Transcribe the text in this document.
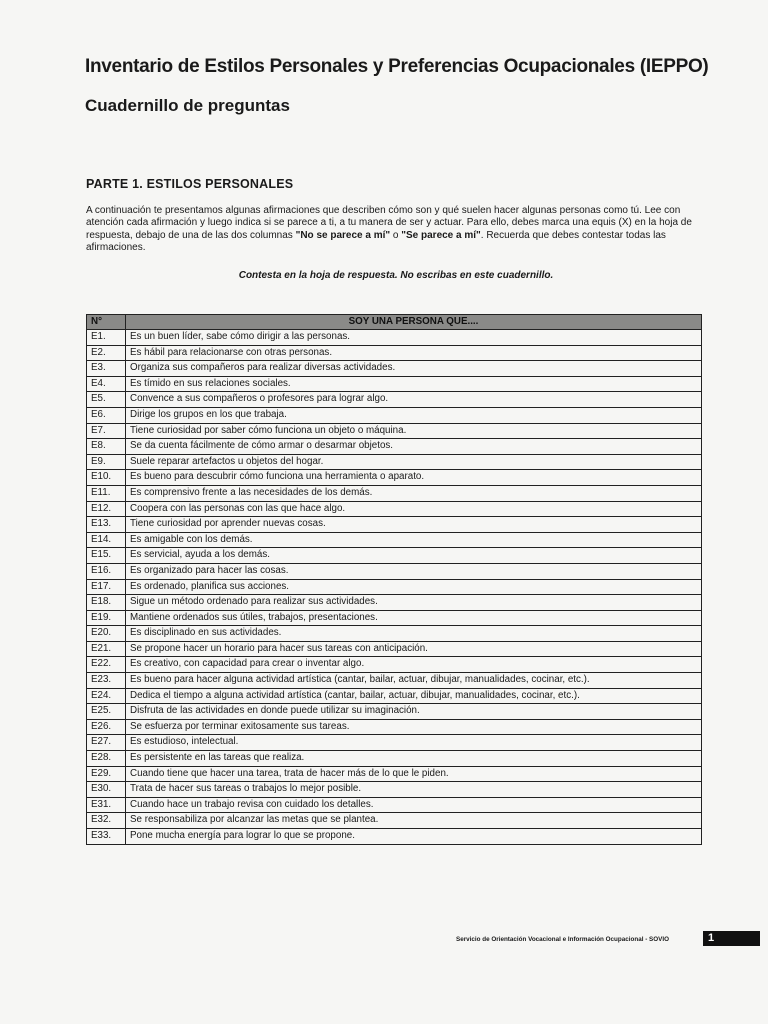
Inventario de Estilos Personales y Preferencias Ocupacionales (IEPPO)
Cuadernillo de preguntas
PARTE 1. ESTILOS PERSONALES
A continuación te presentamos algunas afirmaciones que describen cómo son y qué suelen hacer algunas personas como tú. Lee con atención cada afirmación y luego indica si se parece a ti, a tu manera de ser y actuar. Para ello, debes marca una equis (X) en la hoja de respuesta, debajo de una de las dos columnas "No se parece a mí" o "Se parece a mí". Recuerda que debes contestar todas las afirmaciones.
Contesta en la hoja de respuesta. No escribas en este cuadernillo.
N°	SOY UNA PERSONA QUE....
E1.	Es un buen líder, sabe cómo dirigir a las personas.
E2.	Es hábil para relacionarse con otras personas.
E3.	Organiza sus compañeros para realizar diversas actividades.
E4.	Es tímido en sus relaciones sociales.
E5.	Convence a sus compañeros o profesores para lograr algo.
E6.	Dirige los grupos en los que trabaja.
E7.	Tiene curiosidad por saber cómo funciona un objeto o máquina.
E8.	Se da cuenta fácilmente de cómo armar o desarmar objetos.
E9.	Suele reparar artefactos u objetos del hogar.
E10.	Es bueno para descubrir cómo funciona una herramienta o aparato.
E11.	Es comprensivo frente a las necesidades de los demás.
E12.	Coopera con las personas con las que hace algo.
E13.	Tiene curiosidad por aprender nuevas cosas.
E14.	Es amigable con los demás.
E15.	Es servicial, ayuda a los demás.
E16.	Es organizado para hacer las cosas.
E17.	Es ordenado, planifica sus acciones.
E18.	Sigue un método ordenado para realizar sus actividades.
E19.	Mantiene ordenados sus útiles, trabajos, presentaciones.
E20.	Es disciplinado en sus actividades.
E21.	Se propone hacer un horario para hacer sus tareas con anticipación.
E22.	Es creativo, con capacidad para crear o inventar algo.
E23.	Es bueno para hacer alguna actividad artística (cantar, bailar, actuar, dibujar, manualidades, cocinar, etc.).
E24.	Dedica el tiempo a alguna actividad artística (cantar, bailar, actuar, dibujar, manualidades, cocinar, etc.).
E25.	Disfruta de las actividades en donde puede utilizar su imaginación.
E26.	Se esfuerza por terminar exitosamente sus tareas.
E27.	Es estudioso, intelectual.
E28.	Es persistente en las tareas que realiza.
E29.	Cuando tiene que hacer una tarea, trata de hacer más de lo que le piden.
E30.	Trata de hacer sus tareas o trabajos lo mejor posible.
E31.	Cuando hace un trabajo revisa con cuidado los detalles.
E32.	Se responsabiliza por alcanzar las metas que se plantea.
E33.	Pone mucha energía para lograr lo que se propone.
Servicio de Orientación Vocacional e Información Ocupacional - SOVIO	1
